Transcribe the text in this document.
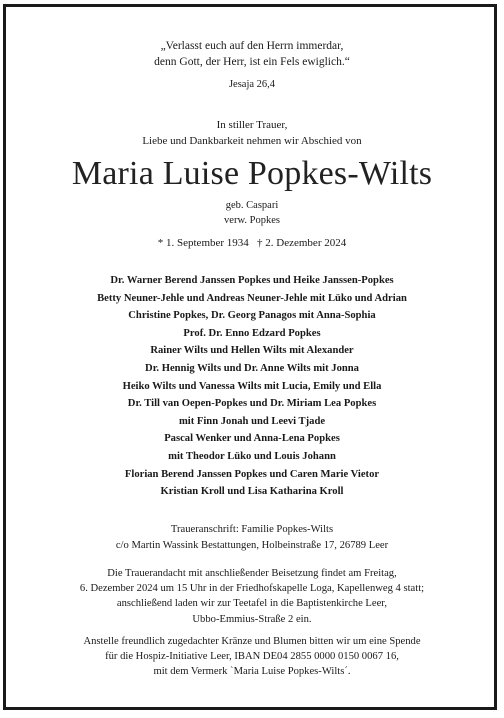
„Verlasst euch auf den Herrn immerdar,
denn Gott, der Herr, ist ein Fels ewiglich.“
Jesaja 26,4
In stiller Trauer,
Liebe und Dankbarkeit nehmen wir Abschied von
Maria Luise Popkes-Wilts
geb. Caspari
verw. Popkes
* 1. September 1934   † 2. Dezember 2024
Dr. Warner Berend Janssen Popkes und Heike Janssen-Popkes
Betty Neuner-Jehle und Andreas Neuner-Jehle mit Lüko und Adrian
Christine Popkes, Dr. Georg Panagos mit Anna-Sophia
Prof. Dr. Enno Edzard Popkes
Rainer Wilts und Hellen Wilts mit Alexander
Dr. Hennig Wilts und Dr. Anne Wilts mit Jonna
Heiko Wilts und Vanessa Wilts mit Lucia, Emily und Ella
Dr. Till van Oepen-Popkes und Dr. Miriam Lea Popkes
mit Finn Jonah und Leevi Tjade
Pascal Wenker und Anna-Lena Popkes
mit Theodor Lüko und Louis Johann
Florian Berend Janssen Popkes und Caren Marie Vietor
Kristian Kroll und Lisa Katharina Kroll
Traueranschrift: Familie Popkes-Wilts
c/o Martin Wassink Bestattungen, Holbeinstraße 17, 26789 Leer
Die Trauerandacht mit anschließender Beisetzung findet am Freitag,
6. Dezember 2024 um 15 Uhr in der Friedhofskapelle Loga, Kapellenweg 4 statt;
anschließend laden wir zur Teetafel in die Baptistenkirche Leer,
Ubbo-Emmius-Straße 2 ein.
Anstelle freundlich zugedachter Kränze und Blumen bitten wir um eine Spende
für die Hospiz-Initiative Leer, IBAN DE04 2855 0000 0150 0067 16,
mit dem Vermerk `Maria Luise Popkes-Wilts´.
